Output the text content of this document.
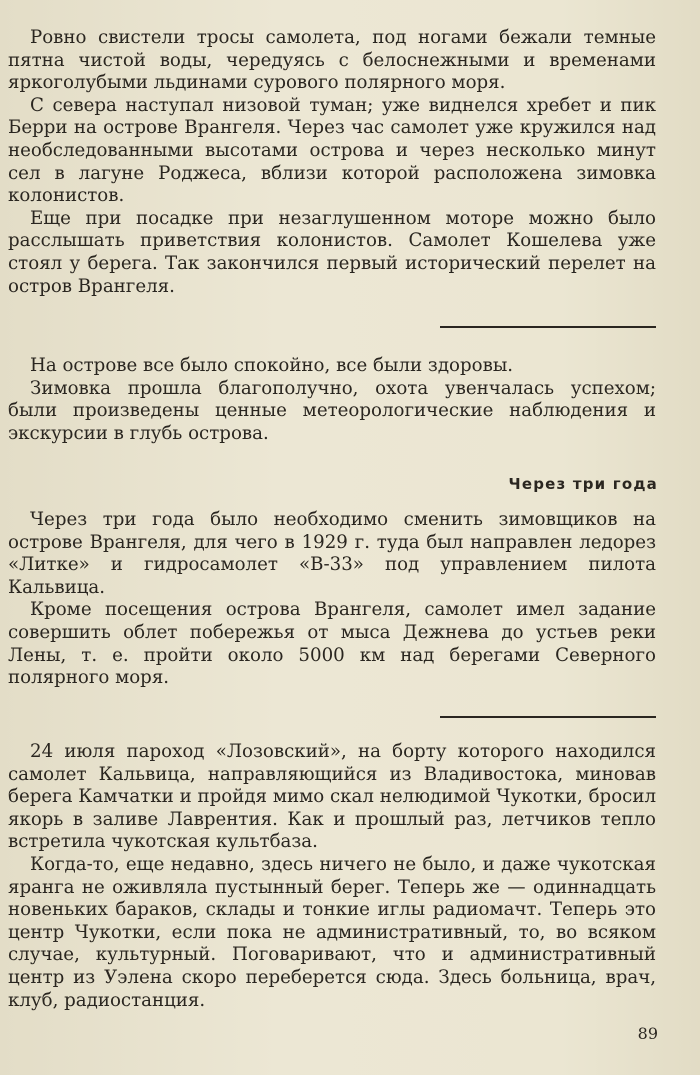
Ровно свистели тросы самолета, под ногами бежали темные пятна чистой воды, чередуясь с белоснежными и временами яркоголубыми льдинами сурового полярного моря.

С севера наступал низовой туман; уже виднелся хребет и пик Берри на острове Врангеля. Через час самолет уже кружился над необследованными высотами острова и через несколько минут сел в лагуне Роджеса, вблизи которой расположена зимовка колонистов.

Еще при посадке при незаглушенном моторе можно было расслышать приветствия колонистов. Самолет Кошелева уже стоял у берега. Так закончился первый исторический перелет на остров Врангеля.

На острове все было спокойно, все были здоровы.

Зимовка прошла благополучно, охота увенчалась успехом; были произведены ценные метеорологические наблюдения и экскурсии в глубь острова.

Через три года

Через три года было необходимо сменить зимовщиков на острове Врангеля, для чего в 1929 г. туда был направлен ледорез «Литке» и гидросамолет «В-33» под управлением пилота Кальвица.

Кроме посещения острова Врангеля, самолет имел задание совершить облет побережья от мыса Дежнева до устьев реки Лены, т. е. пройти около 5000 км над берегами Северного полярного моря.

24 июля пароход «Лозовский», на борту которого находился самолет Кальвица, направляющийся из Владивостока, миновав берега Камчатки и пройдя мимо скал нелюдимой Чукотки, бросил якорь в заливе Лаврентия. Как и прошлый раз, летчиков тепло встретила чукотская культбаза.

Когда-то, еще недавно, здесь ничего не было, и даже чукотская яранга не оживляла пустынный берег. Теперь же — одиннадцать новеньких бараков, склады и тонкие иглы радиомачт. Теперь это центр Чукотки, если пока не административный, то, во всяком случае, культурный. Поговаривают, что и административный центр из Уэлена скоро переберется сюда. Здесь больница, врач, клуб, радиостанция.

89
